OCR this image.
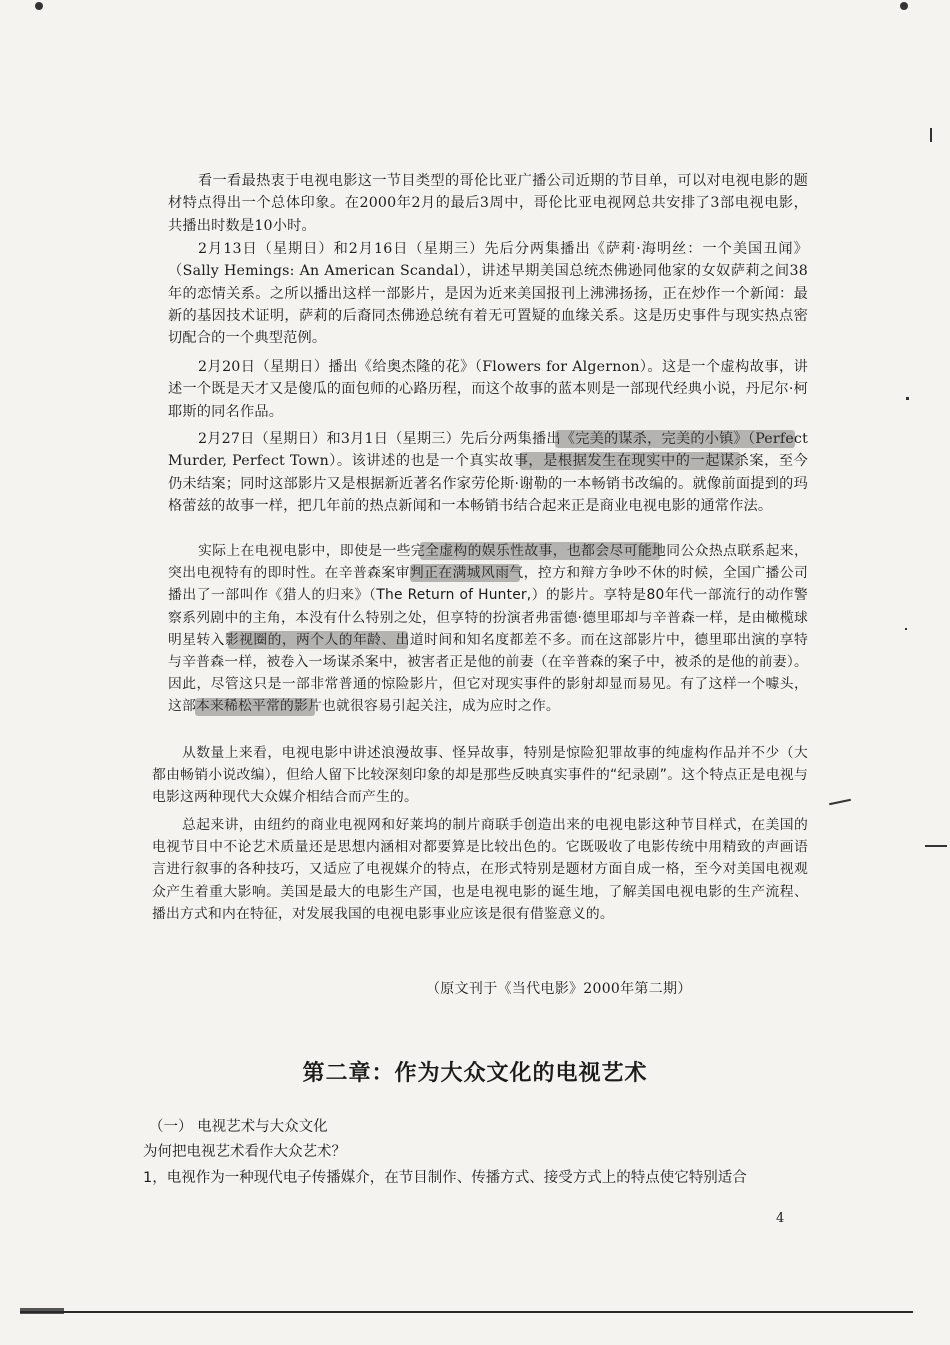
看一看最热衷于电视电影这一节目类型的哥伦比亚广播公司近期的节目单，可以对电视电影的题材特点得出一个总体印象。在2000年2月的最后3周中，哥伦比亚电视网总共安排了3部电视电影，共播出时数是10小时。

2月13日（星期日）和2月16日（星期三）先后分两集播出《萨莉·海明丝：一个美国丑闻》（Sally Hemings: An American Scandal），讲述早期美国总统杰佛逊同他家的女奴萨莉之间38年的恋情关系。之所以播出这样一部影片，是因为近来美国报刊上沸沸扬扬，正在炒作一个新闻：最新的基因技术证明，萨莉的后裔同杰佛逊总统有着无可置疑的血缘关系。这是历史事件与现实热点密切配合的一个典型范例。

2月20日（星期日）播出《给奥杰隆的花》（Flowers for Algernon）。这是一个虚构故事，讲述一个既是天才又是傻瓜的面包师的心路历程，而这个故事的蓝本则是一部现代经典小说，丹尼尔·柯耶斯的同名作品。

2月27日（星期日）和3月1日（星期三）先后分两集播出《完美的谋杀，完美的小镇》（Perfect Murder, Perfect Town）。该讲述的也是一个真实故事，是根据发生在现实中的一起谋杀案，至今仍未结案；同时这部影片又是根据新近著名作家劳伦斯·谢勒的一本畅销书改编的。就像前面提到的玛格蕾兹的故事一样，把几年前的热点新闻和一本畅销书结合起来正是商业电视电影的通常作法。

实际上在电视电影中，即使是一些完全虚构的娱乐性故事，也都会尽可能地同公众热点联系起来，突出电视特有的即时性。在辛普森案审判正在满城风雨气，控方和辩方争吵不休的时候，全国广播公司播出了一部叫作《猎人的归来》（The Return of Hunter,）的影片。享特是80年代一部流行的动作警察系列剧中的主角，本没有什么特别之处，但享特的扮演者弗雷德·德里耶却与辛普森一样，是由橄榄球明星转入影视圈的，两个人的年龄、出道时间和知名度都差不多。而在这部影片中，德里耶出演的享特与辛普森一样，被卷入一场谋杀案中，被害者正是他的前妻（在辛普森的案子中，被杀的是他的前妻）。因此，尽管这只是一部非常普通的惊险影片，但它对现实事件的影射却显而易见。有了这样一个噱头，这部本来稀松平常的影片也就很容易引起关注，成为应时之作。

从数量上来看，电视电影中讲述浪漫故事、怪异故事，特别是惊险犯罪故事的纯虚构作品并不少（大都由畅销小说改编），但给人留下比较深刻印象的却是那些反映真实事件的“纪录剧”。这个特点正是电视与电影这两种现代大众媒介相结合而产生的。

总起来讲，由纽约的商业电视网和好莱坞的制片商联手创造出来的电视电影这种节目样式，在美国的电视节目中不论艺术质量还是思想内涵相对都要算是比较出色的。它既吸收了电影传统中用精致的声画语言进行叙事的各种技巧，又适应了电视媒介的特点，在形式特别是题材方面自成一格，至今对美国电视观众产生着重大影响。美国是最大的电影生产国，也是电视电影的诞生地，了解美国电视电影的生产流程、播出方式和内在特征，对发展我国的电视电影事业应该是很有借鉴意义的。

（原文刊于《当代电影》2000年第二期）
第二章：作为大众文化的电视艺术
（一） 电视艺术与大众文化
为何把电视艺术看作大众艺术？
1，电视作为一种现代电子传播媒介，在节目制作、传播方式、接受方式上的特点使它特别适合
4
